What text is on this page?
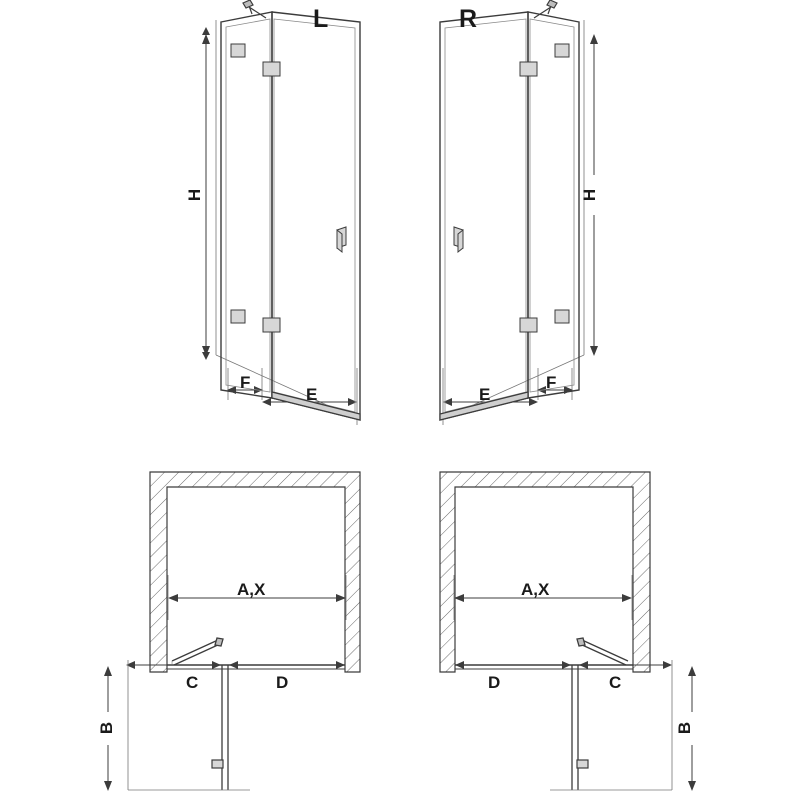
L	R
H	H
F
E	E
F
A,X	A,X
C	D
B
D	C
B
